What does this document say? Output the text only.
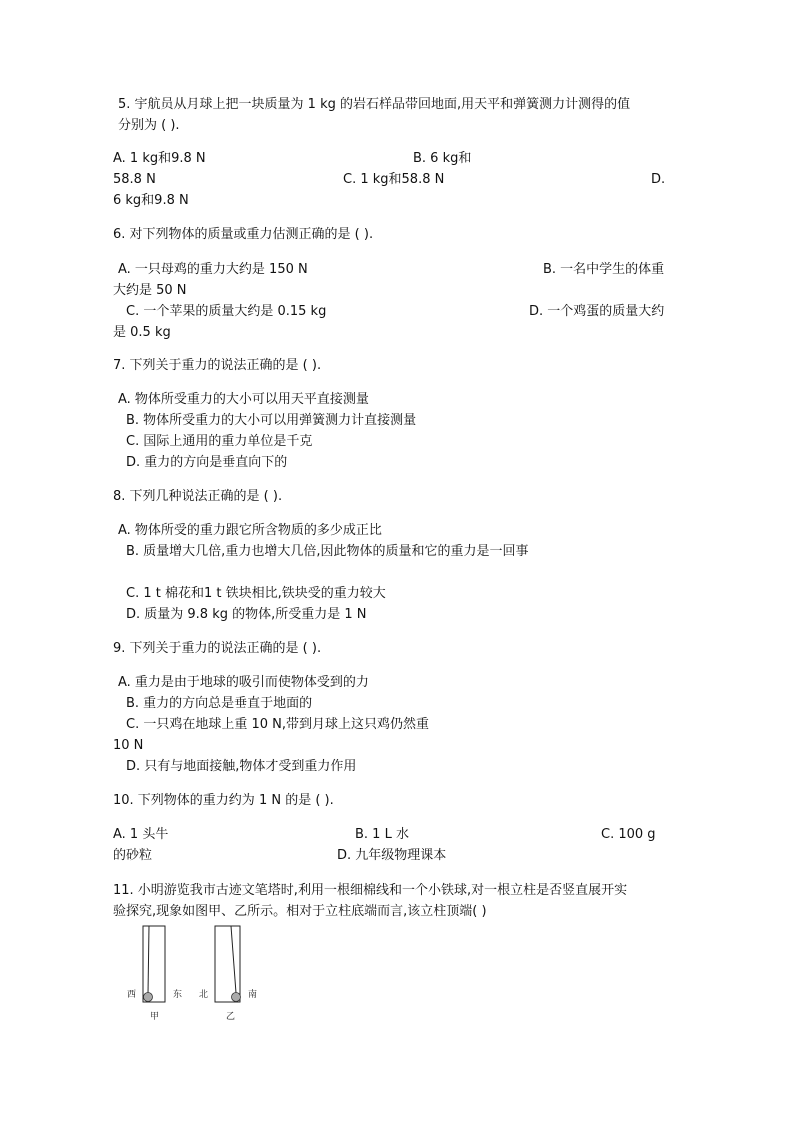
5. 宇航员从月球上把一块质量为 1 kg 的岩石样品带回地面,用天平和弹簧测力计测得的值
分别为 ( ).
A. 1 kg和9.8 N	B. 6 kg和
58.8 N	C. 1 kg和58.8 N	D.
6 kg和9.8 N
6. 对下列物体的质量或重力估测正确的是 ( ).
A. 一只母鸡的重力大约是 150 N	B. 一名中学生的体重
大约是 50 N
C. 一个苹果的质量大约是 0.15 kg	D. 一个鸡蛋的质量大约
是 0.5 kg
7. 下列关于重力的说法正确的是 ( ).
A. 物体所受重力的大小可以用天平直接测量
B. 物体所受重力的大小可以用弹簧测力计直接测量
C. 国际上通用的重力单位是千克
D. 重力的方向是垂直向下的
8. 下列几种说法正确的是 ( ).
A. 物体所受的重力跟它所含物质的多少成正比
B. 质量增大几倍,重力也增大几倍,因此物体的质量和它的重力是一回事
C. 1 t 棉花和1 t 铁块相比,铁块受的重力较大
D. 质量为 9.8 kg 的物体,所受重力是 1 N
9. 下列关于重力的说法正确的是 ( ).
A. 重力是由于地球的吸引而使物体受到的力
B. 重力的方向总是垂直于地面的
C. 一只鸡在地球上重 10 N,带到月球上这只鸡仍然重
10 N
D. 只有与地面接触,物体才受到重力作用
10. 下列物体的重力约为 1 N 的是 ( ).
A. 1 头牛	B. 1 L 水	C. 100 g
的砂粒	D. 九年级物理课本
11. 小明游览我市古迹文笔塔时,利用一根细棉线和一个小铁球,对一根立柱是否竖直展开实
验探究,现象如图甲、乙所示。相对于立柱底端而言,该立柱顶端( )
西	东
甲
北	南
乙
